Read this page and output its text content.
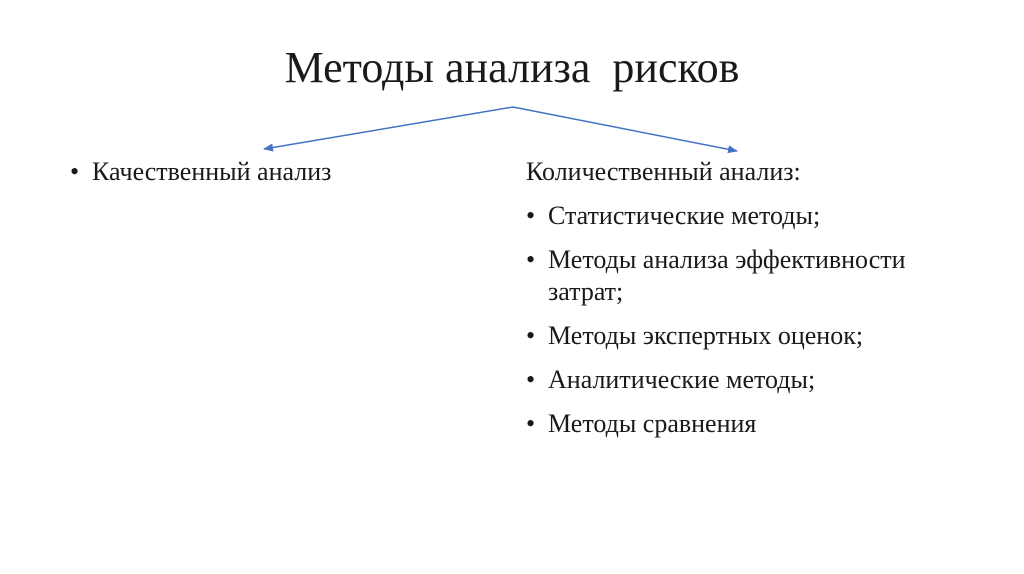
Методы анализа  рисков
• Качественный анализ	Количественный анализ:
• Статистические методы;
• Методы анализа эффективности затрат;
• Методы экспертных оценок;
• Аналитические методы;
• Методы сравнения
